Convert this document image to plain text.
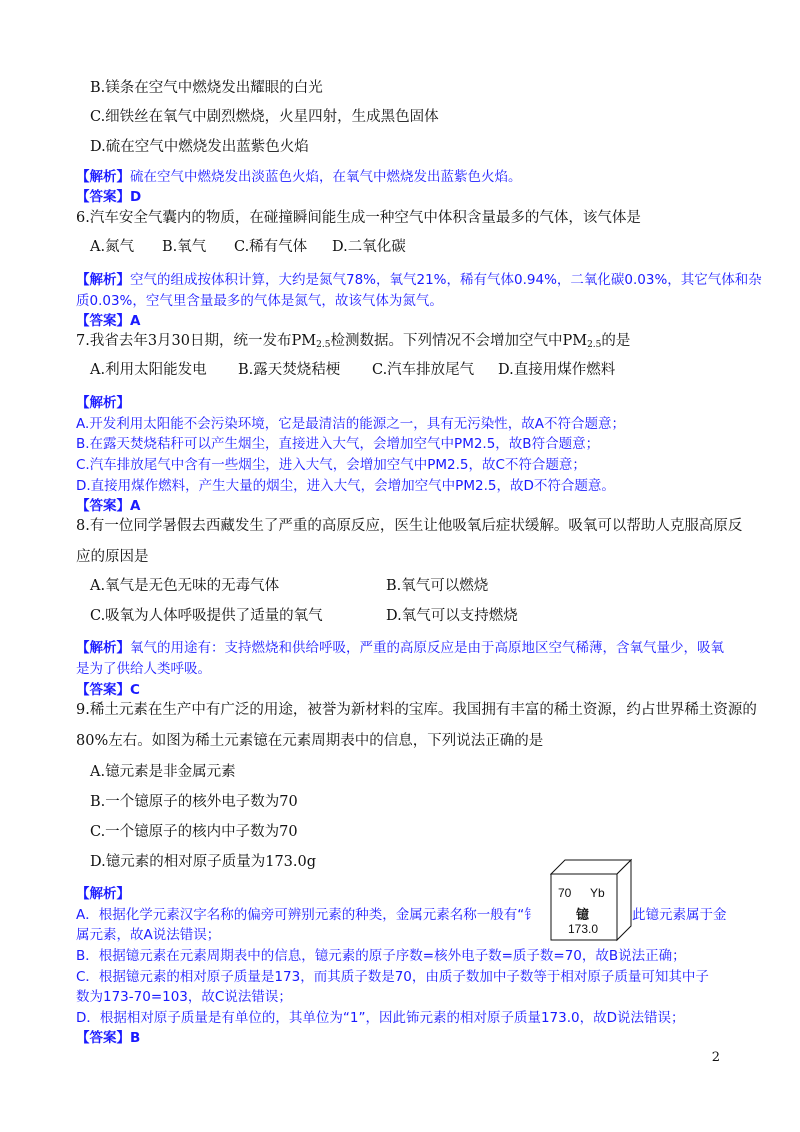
B.镁条在空气中燃烧发出耀眼的白光
C.细铁丝在氧气中剧烈燃烧，火星四射，生成黑色固体
D.硫在空气中燃烧发出蓝紫色火焰
【解析】硫在空气中燃烧发出淡蓝色火焰，在氧气中燃烧发出蓝紫色火焰。
【答案】D
6.汽车安全气囊内的物质，在碰撞瞬间能生成一种空气中体积含量最多的气体，该气体是
A.氮气 B.氧气 C.稀有气体 D.二氧化碳
【解析】空气的组成按体积计算，大约是氮气78%，氧气21%，稀有气体0.94%，二氧化碳0.03%，其它气体和杂
质0.03%，空气里含量最多的气体是氮气，故该气体为氮气。
【答案】A
7.我省去年3月30日期，统一发布$PM_{2.5}$检测数据。下列情况不会增加空气中$PM_{2.5}$的是
A.利用太阳能发电 B.露天焚烧秸梗 C.汽车排放尾气 D.直接用煤作燃料
【解析】
A.开发利用太阳能不会污染环境，它是最清洁的能源之一，具有无污染性，故A不符合题意；
B.在露天焚烧秸秆可以产生烟尘，直接进入大气，会增加空气中PM2.5，故B符合题意；
C.汽车排放尾气中含有一些烟尘，进入大气，会增加空气中PM2.5，故C不符合题意；
D.直接用煤作燃料，产生大量的烟尘，进入大气，会增加空气中PM2.5，故D不符合题意。
【答案】A
8.有一位同学暑假去西藏发生了严重的高原反应，医生让他吸氧后症状缓解。吸氧可以帮助人克服高原反
应的原因是
A.氧气是无色无味的无毒气体	B.氧气可以燃烧
C.吸氧为人体呼吸提供了适量的氧气	D.氧气可以支持燃烧
【解析】氧气的用途有：支持燃烧和供给呼吸，严重的高原反应是由于高原地区空气稀薄，含氧气量少，吸氧
是为了供给人类呼吸。
【答案】C
9.稀土元素在生产中有广泛的用途，被誉为新材料的宝库。我国拥有丰富的稀土资源，约占世界稀土资源的
80%左右。如图为稀土元素镱在元素周期表中的信息，下列说法正确的是
A.镱元素是非金属元素
B.一个镱原子的核外电子数为70
C.一个镱原子的核内中子数为70
D.镱元素的相对原子质量为173.0g
【解析】
A．根据化学元素汉字名称的偏旁可辨别元素的种类，金属元素名称一般有“钅	此镱元素属于金
属元素，故A说法错误；
B．根据镱元素在元素周期表中的信息，镱元素的原子序数=核外电子数=质子数=70，故B说法正确；
C．根据镱元素的相对原子质量是173，而其质子数是70，由质子数加中子数等于相对原子质量可知其中子
数为173-70=103，故C说法错误；
D．根据相对原子质量是有单位的，其单位为“1”，因此钸元素的相对原子质量173.0，故D说法错误；
【答案】B
70 Yb
镱
173.0
2
